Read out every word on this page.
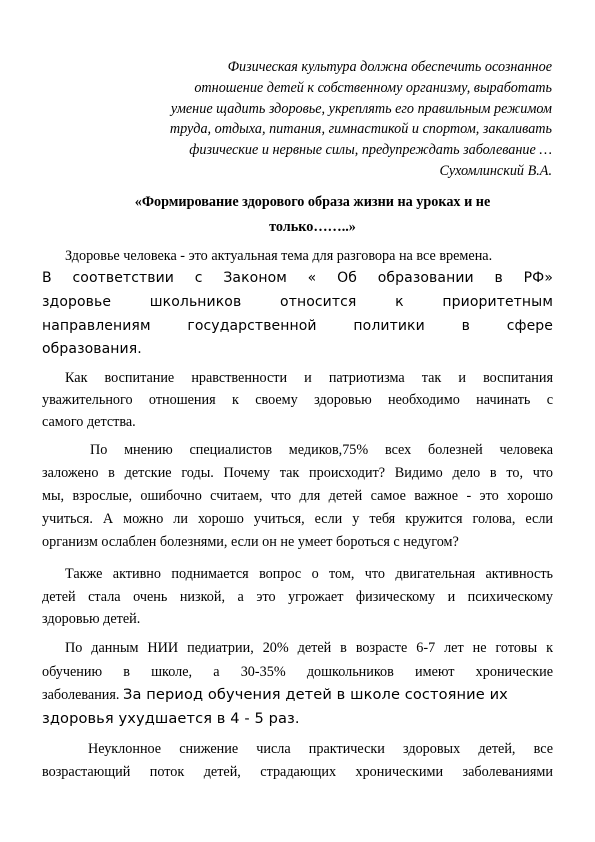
Физическая культура должна обеспечить осознанное
отношение детей к собственному организму, выработать
умение щадить здоровье, укреплять его правильным режимом
труда, отдыха, питания, гимнастикой и спортом, закаливать
физические и нервные силы, предупреждать заболевание …
Сухомлинский В.А.
«Формирование здорового образа жизни на уроках и не
только……..»
Здоровье человека - это актуальная тема для разговора на все времена.
В соответствии с Законом « Об образовании в РФ»
здоровье школьников относится к приоритетным
направлениям государственной политики в сфере
образования.
Как воспитание нравственности и патриотизма так и воспитания
уважительного отношения к своему здоровью необходимо начинать с
самого детства.
По мнению специалистов медиков,75% всех болезней человека
заложено в детские годы. Почему так происходит? Видимо дело в то, что
мы, взрослые, ошибочно считаем, что для детей самое важное - это хорошо
учиться. А можно ли хорошо учиться, если у тебя кружится голова, если
организм ослаблен болезнями, если он не умеет бороться с недугом?
Также активно поднимается вопрос о том, что двигательная активность
детей стала очень низкой, а это угрожает физическому и психическому
здоровью детей.
По данным НИИ педиатрии, 20% детей в возрасте 6-7 лет не готовы к
обучению в школе, а 30-35% дошкольников имеют хронические
заболевания. За период обучения детей в школе состояние их
здоровья ухудшается в 4 - 5 раз.
Неуклонное снижение числа практически здоровых детей, все
возрастающий поток детей, страдающих хроническими заболеваниями
